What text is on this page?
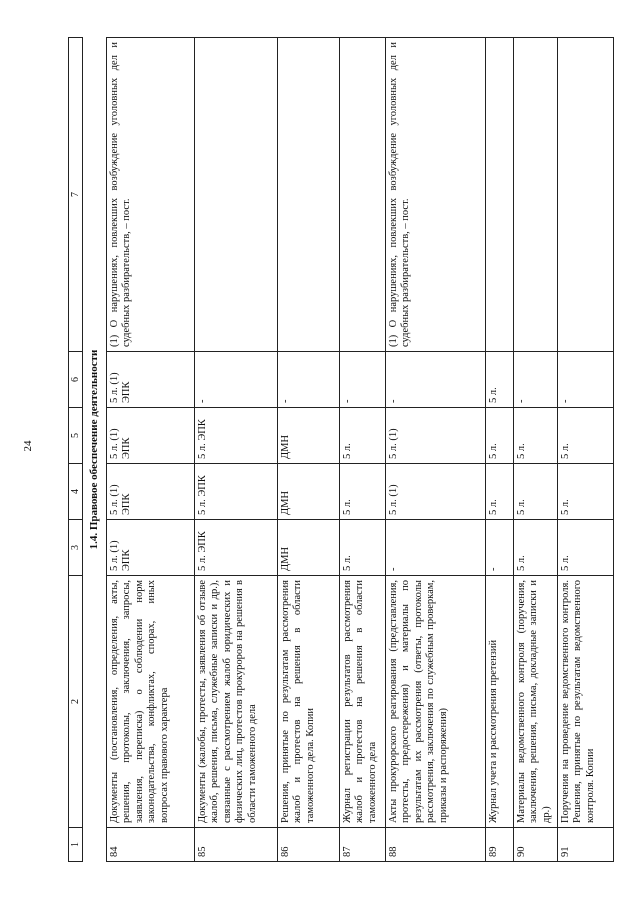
24
1	2	3	4	5	6	7
1.4. Правовое обеспечение деятельности						
84	Документы (постановления, определения, акты, решения, протоколы, заключения, запросы, заявления, переписка) о соблюдении норм законодательства, конфликтах, спорах, иных вопросах правового характера	5 л. (1) ЭПК	5 л. (1) ЭПК	5 л. (1) ЭПК	5 л. (1) ЭПК	(1) О нарушениях, повлекших возбуждение уголовных дел и судебных разбирательств, – пост.
85	Документы (жалобы, протесты, заявления об отзыве жалоб, решения, письма, служебные записки и др.), связанные с рассмотрением жалоб юридических и физических лиц, протестов прокуроров на решения в области таможенного дела	5 л. ЭПК	5 л. ЭПК	5 л. ЭПК	-	
86	Решения, принятые по результатам рассмотрения жалоб и протестов на решения в области таможенного дела. Копии	ДМН	ДМН	ДМН	-	
87	Журнал регистрации результатов рассмотрения жалоб и протестов на решения в области таможенного дела	5 л.	5 л.	5 л.	-	
88	Акты прокурорского реагирования (представления, протесты, предостережения) и материалы по результатам их рассмотрения (ответы, протоколы рассмотрения, заключения по служебным проверкам, приказы и распоряжения)	-	5 л. (1)	5 л. (1)	-	(1) О нарушениях, повлекших возбуждение уголовных дел и судебных разбирательств, – пост.
89	Журнал учета и рассмотрения претензий	-	5 л.	5 л.	5 л.	
90	Материалы ведомственного контроля (поручения, заключения, решения, письма, докладные записки и др.)	5 л.	5 л.	5 л.	-	
91	Поручения на проведение ведомственного контроля. Решения, принятые по результатам ведомственного контроля. Копии	5 л.	5 л.	5 л.	-	
